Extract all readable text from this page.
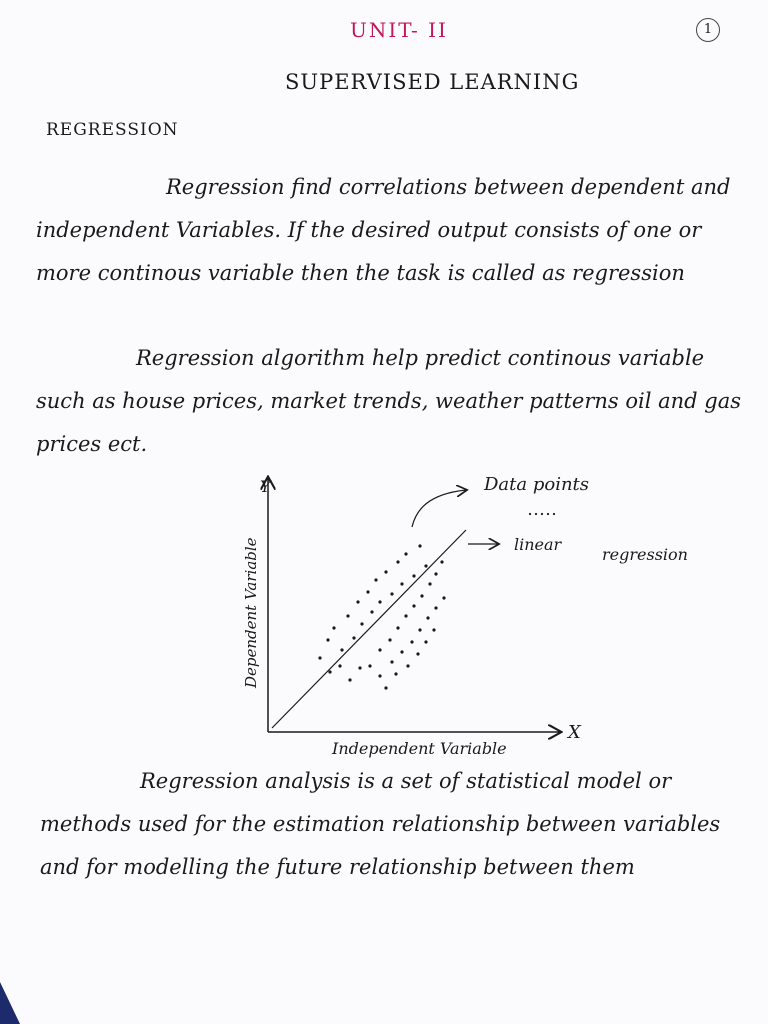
UNIT- II	1
SUPERVISED LEARNING
REGRESSION
Regression find correlations between dependent and independent Variables. If the desired output consists of one or more continous variable then the task is called as regression
Regression algorithm help predict continous variable such as house prices, market trends, weather patterns oil and gas prices ect.
Y
X
Dependent Variable
Independent Variable
Data points
linear
regression
Regression analysis is a set of statistical model or methods used for the estimation relationship between variables and for modelling the future relationship between them
